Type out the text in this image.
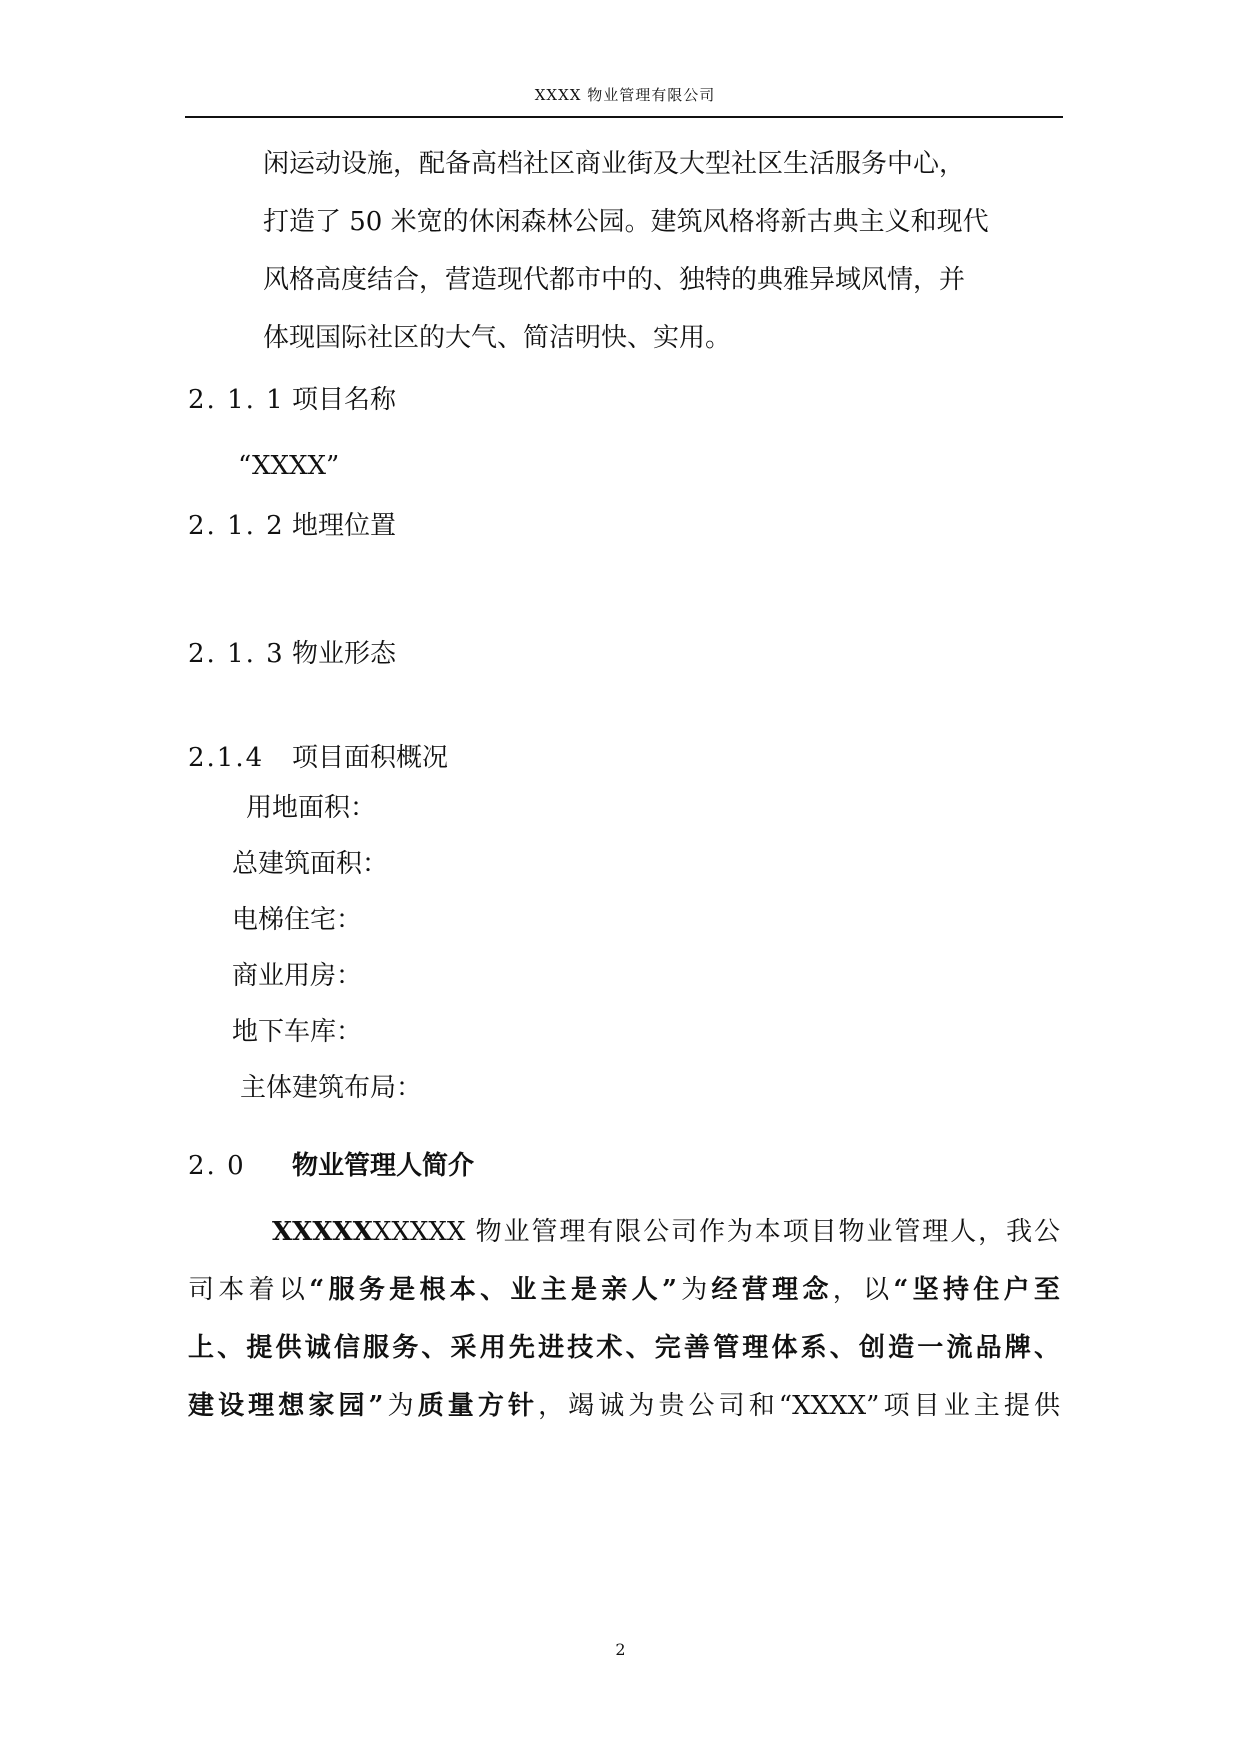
XXXX 物业管理有限公司
闲运动设施，配备高档社区商业街及大型社区生活服务中心，
打造了 50 米宽的休闲森林公园。建筑风格将新古典主义和现代
风格高度结合，营造现代都市中的、独特的典雅异域风情，并
体现国际社区的大气、简洁明快、实用。
2. 1. 1 项目名称
“XXXX”
2. 1. 2 地理位置
2. 1. 3 物业形态
2.1.4 项目面积概况
用地面积：
总建筑面积：
电梯住宅：
商业用房：
地下车库：
主体建筑布局：
2. 0 物业管理人简介
XXXXXXXXXX 物业管理有限公司作为本项目物业管理人，我公
司本着以“服务是根本、业主是亲人”为经营理念，以“坚持住户至
上、提供诚信服务、采用先进技术、完善管理体系、创造一流品牌、
建设理想家园”为质量方针，竭诚为贵公司和“XXXX”项目业主提供
2
